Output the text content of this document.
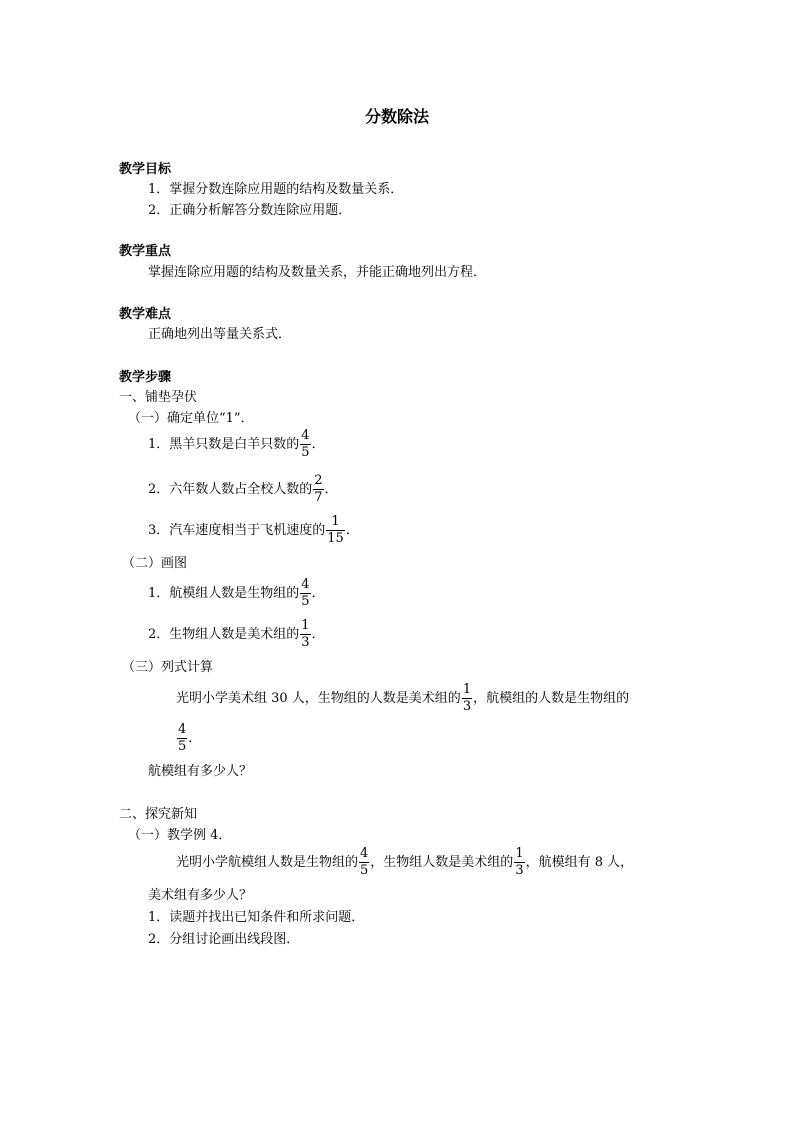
分数除法
教学目标
1．掌握分数连除应用题的结构及数量关系．
2．正确分析解答分数连除应用题．
教学重点
掌握连除应用题的结构及数量关系，并能正确地列出方程．
教学难点
正确地列出等量关系式．
教学步骤
一、铺垫孕伏
（一）确定单位“1”．
1．黑羊只数是白羊只数的 $\frac{4}{5}$ ．
2．六年数人数占全校人数的 $\frac{2}{7}$ ．
3．汽车速度相当于飞机速度的 $\frac{1}{15}$ ．
（二）画图
1．航模组人数是生物组的 $\frac{4}{5}$ ．
2．生物组人数是美术组的 $\frac{1}{3}$ ．
（三）列式计算
光明小学美术组 30 人，生物组的人数是美术组的 $\frac{1}{3}$ ，航模组的人数是生物组的
$\frac{4}{5}$ ．
航模组有多少人？
二、探究新知
（一）教学例 4．
光明小学航模组人数是生物组的 $\frac{4}{5}$ ，生物组人数是美术组的 $\frac{1}{3}$ ，航模组有 8 人，
美术组有多少人？
1．读题并找出已知条件和所求问题．
2．分组讨论画出线段图．
